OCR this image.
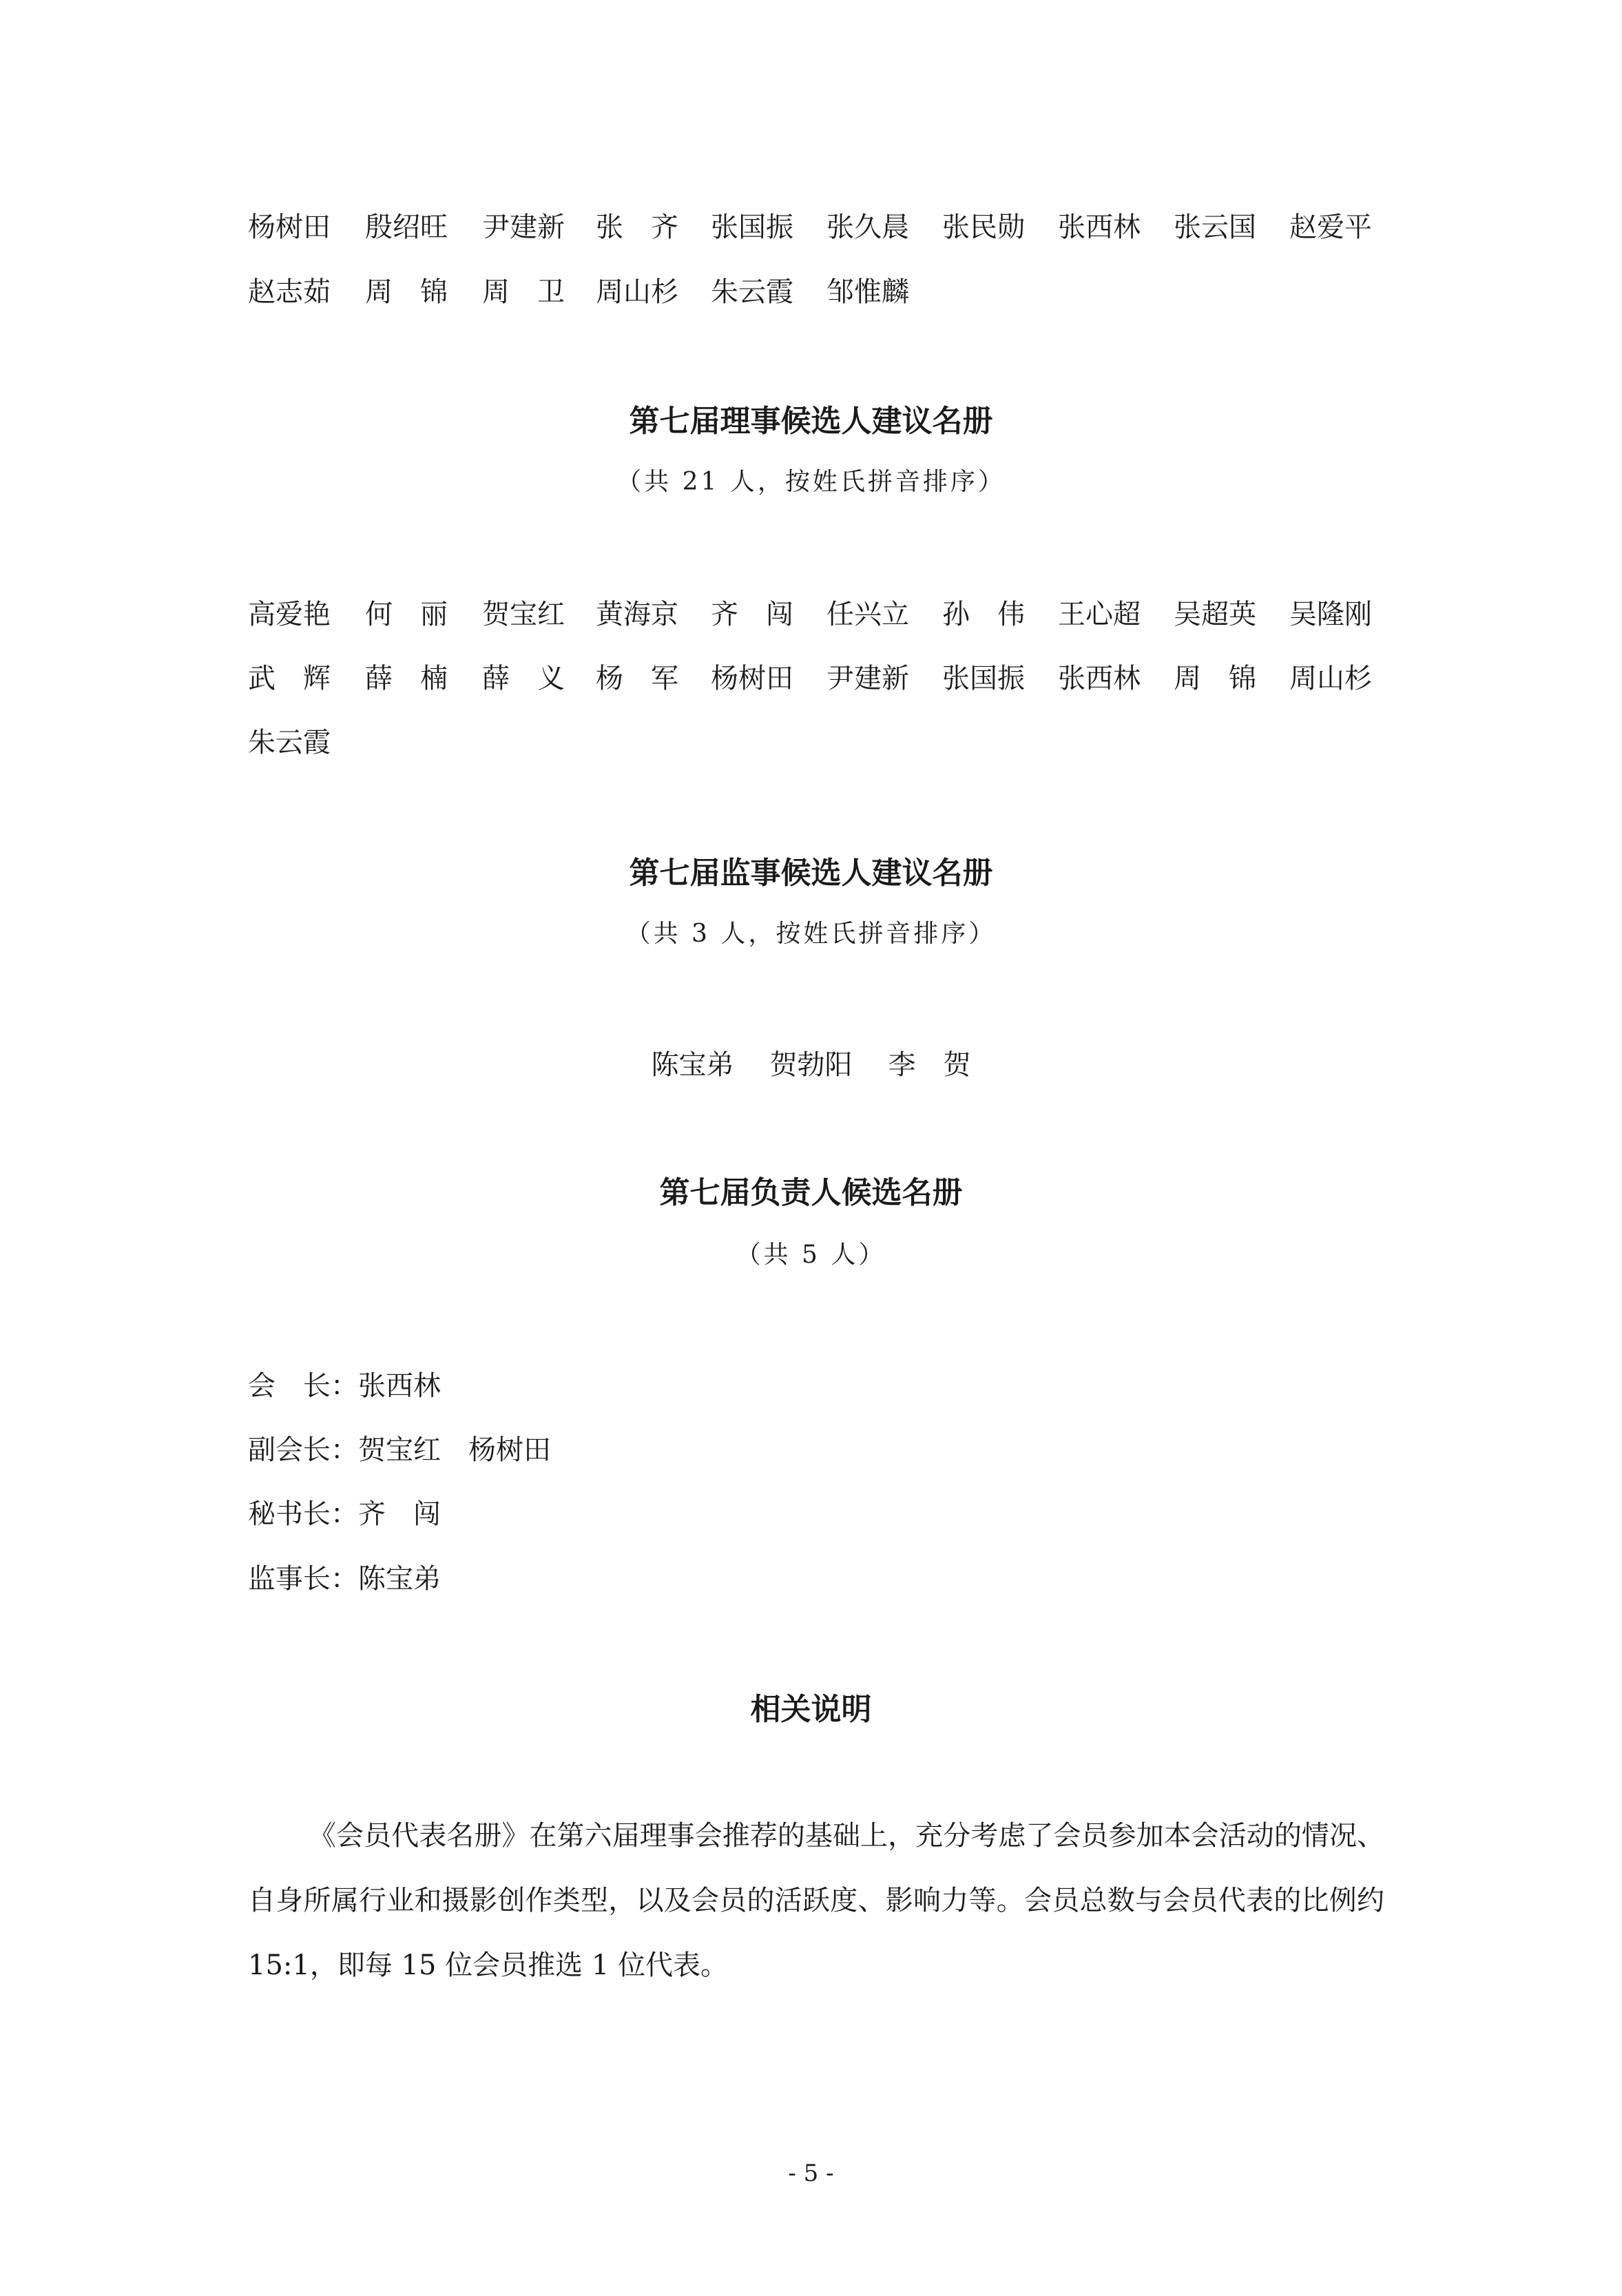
杨树田 殷绍旺 尹建新 张　齐 张国振 张久晨 张民勋 张西林 张云国 赵爱平
赵志茹 周　锦 周　卫 周山杉 朱云霞 邹惟麟
第七届理事候选人建议名册
（共 21 人，按姓氏拼音排序）
高爱艳 何　丽 贺宝红 黄海京 齐　闯 任兴立 孙　伟 王心超 吴超英 吴隆刚
武　辉 薛　楠 薛　义 杨　军 杨树田 尹建新 张国振 张西林 周　锦 周山杉
朱云霞
第七届监事候选人建议名册
（共 3 人，按姓氏拼音排序）
陈宝弟 贺勃阳 李　贺
第七届负责人候选名册
（共 5 人）
会　长：张西林
副会长：贺宝红　杨树田
秘书长：齐　闯
监事长：陈宝弟
相关说明
《会员代表名册》在第六届理事会推荐的基础上，充分考虑了会员参加本会活动的情况、自身所属行业和摄影创作类型，以及会员的活跃度、影响力等。会员总数与会员代表的比例约 15:1，即每 15 位会员推选 1 位代表。
- 5 -
